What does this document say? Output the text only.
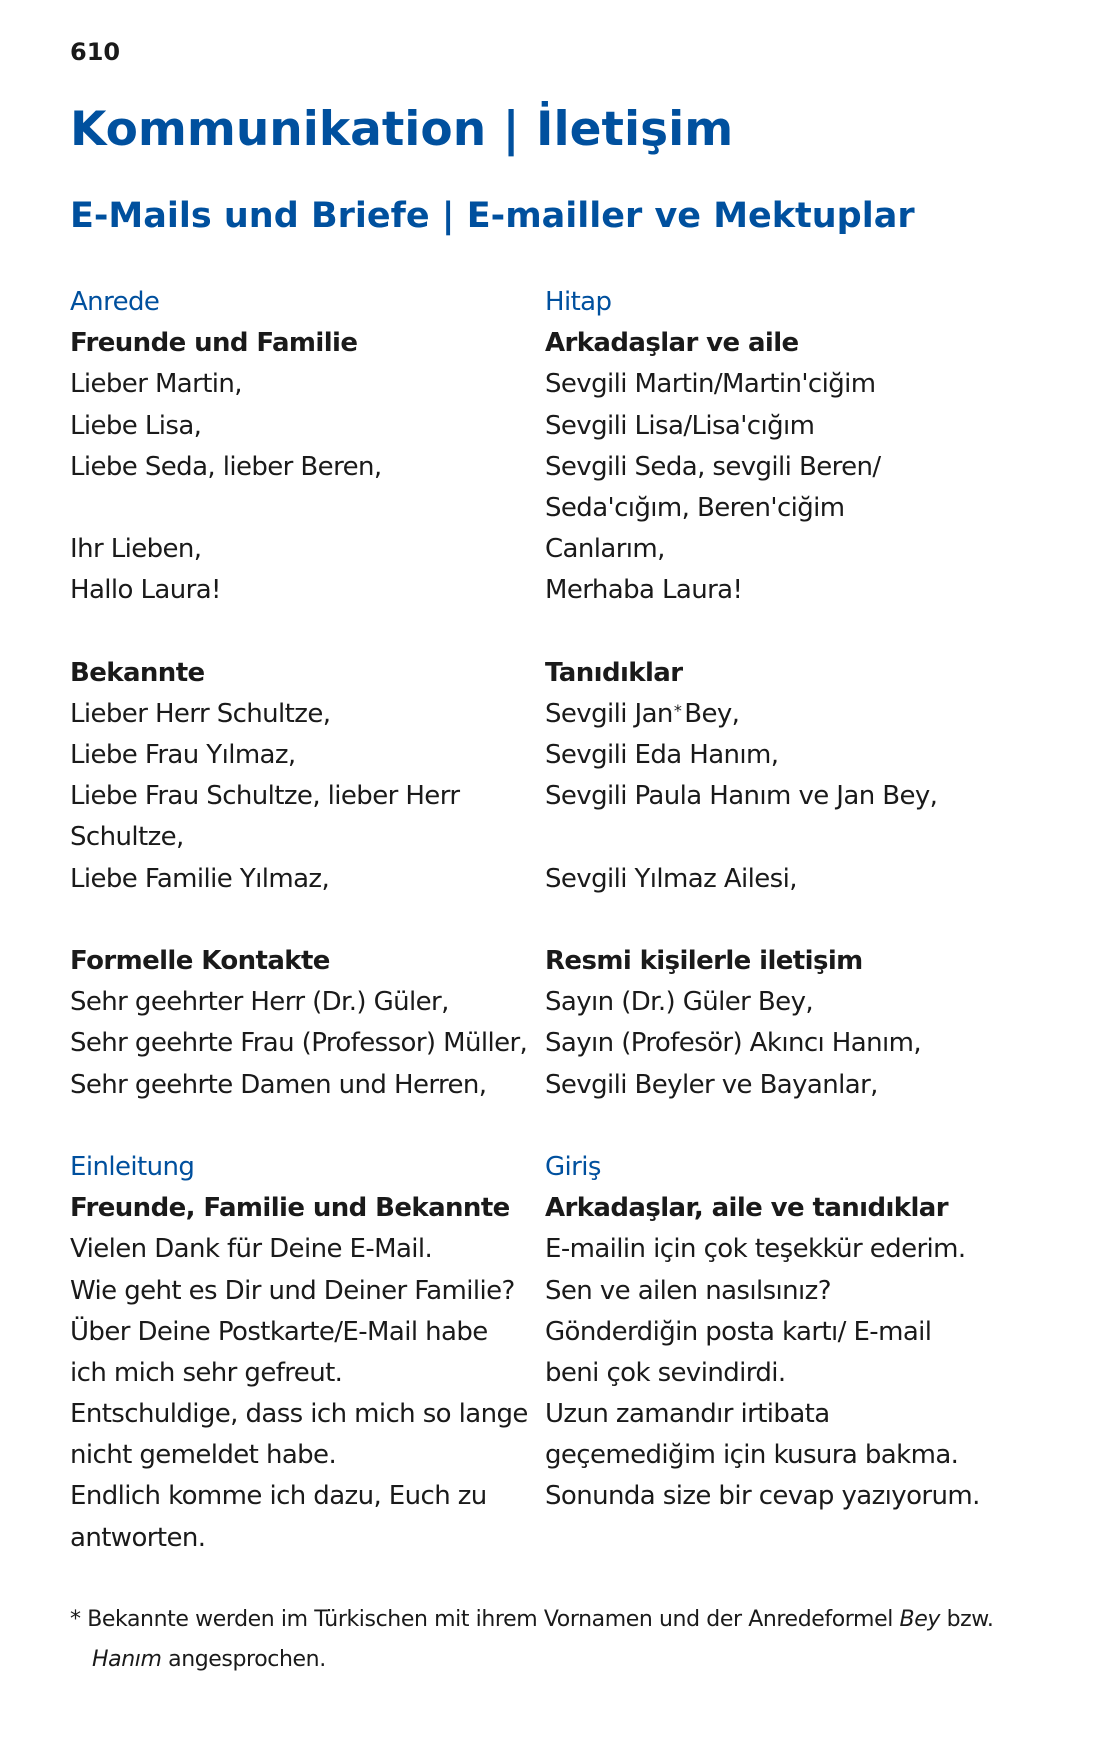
610
Kommunikation | İletişim
E-Mails und Briefe | E-mailler ve Mektuplar
Anrede
Freunde und Familie
Lieber Martin,
Liebe Lisa,
Liebe Seda, lieber Beren,
Ihr Lieben,
Hallo Laura!
Bekannte
Lieber Herr Schultze,
Liebe Frau Yılmaz,
Liebe Frau Schultze, lieber Herr
Schultze,
Liebe Familie Yılmaz,
Formelle Kontakte
Sehr geehrter Herr (Dr.) Güler,
Sehr geehrte Frau (Professor) Müller,
Sehr geehrte Damen und Herren,
Einleitung
Freunde, Familie und Bekannte
Vielen Dank für Deine E-Mail.
Wie geht es Dir und Deiner Familie?
Über Deine Postkarte/E-Mail habe
ich mich sehr gefreut.
Entschuldige, dass ich mich so lange
nicht gemeldet habe.
Endlich komme ich dazu, Euch zu
antworten.
Hitap
Arkadaşlar ve aile
Sevgili Martin/Martin'ciğim
Sevgili Lisa/Lisa'cığım
Sevgili Seda, sevgili Beren/
Seda'cığım, Beren'ciğim
Canlarım,
Merhaba Laura!
Tanıdıklar
Sevgili Jan* Bey,
Sevgili Eda Hanım,
Sevgili Paula Hanım ve Jan Bey,
Sevgili Yılmaz Ailesi,
Resmi kişilerle iletişim
Sayın (Dr.) Güler Bey,
Sayın (Profesör) Akıncı Hanım,
Sevgili Beyler ve Bayanlar,
Giriş
Arkadaşlar, aile ve tanıdıklar
E-mailin için çok teşekkür ederim.
Sen ve ailen nasılsınız?
Gönderdiğin posta kartı/ E-mail
beni çok sevindirdi.
Uzun zamandır irtibata
geçemediğim için kusura bakma.
Sonunda size bir cevap yazıyorum.
* Bekannte werden im Türkischen mit ihrem Vornamen und der Anredeformel Bey bzw.
Hanım angesprochen.
